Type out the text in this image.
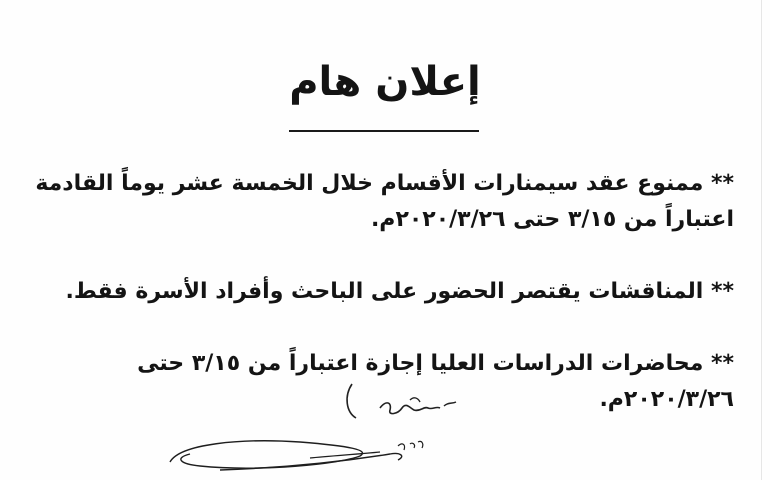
إعلان هام
** ممنوع عقد سيمنارات الأقسام خلال الخمسة عشر يوماً القادمة
اعتباراً من ٣/١٥ حتى ٢٠٢٠/٣/٢٦م.
** المناقشات يقتصر الحضور على الباحث وأفراد الأسرة فقط.
** محاضرات الدراسات العليا إجازة اعتباراً من ٣/١٥ حتى
٢٠٢٠/٣/٢٦م.
